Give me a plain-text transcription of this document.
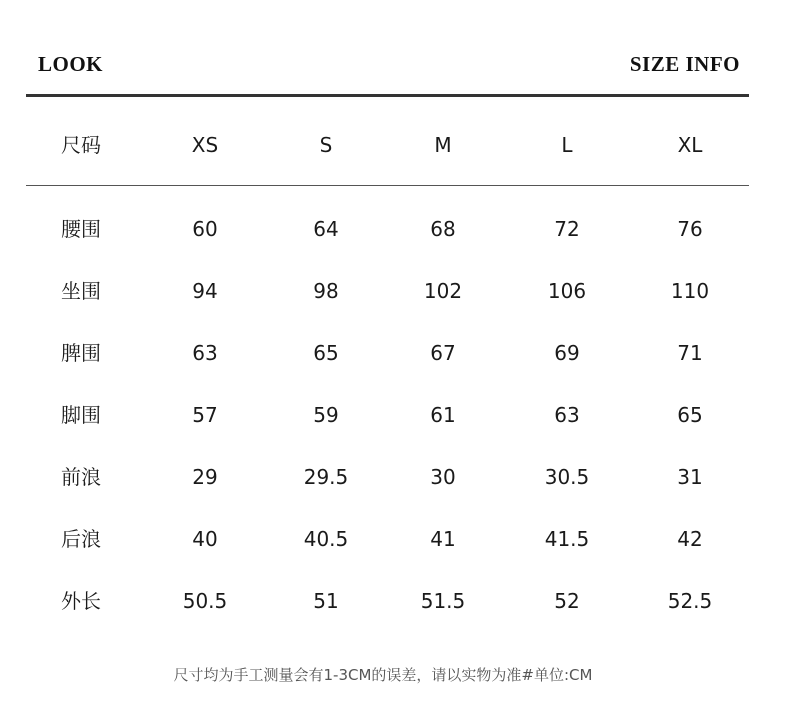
LOOK	SIZE INFO
尺码	XS	S	M	L	XL
腰围	60	64	68	72	76
坐围	94	98	102	106	110
脾围	63	65	67	69	71
脚围	57	59	61	63	65
前浪	29	29.5	30	30.5	31
后浪	40	40.5	41	41.5	42
外长	50.5	51	51.5	52	52.5
尺寸均为手工测量会有1-3CM的误差，请以实物为准#单位:CM
